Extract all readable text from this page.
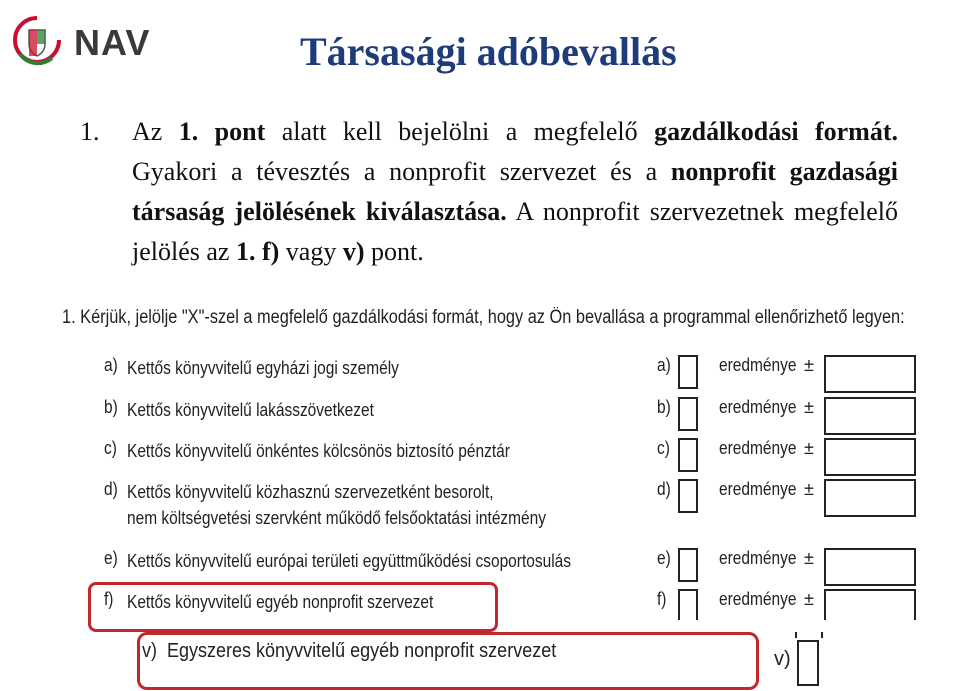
NAV	Társasági adóbevallás
1. Az 1. pont alatt kell bejelölni a megfelelő gazdálkodási formát. Gyakori a tévesztés a nonprofit szervezet és a nonprofit gazdasági társaság jelölésének kiválasztása. A nonprofit szervezetnek megfelelő jelölés az 1. f) vagy v) pont.
1. Kérjük, jelölje "X"-szel a megfelelő gazdálkodási formát, hogy az Ön bevallása a programmal ellenőrizhető legyen:
a) Kettős könyvvitelű egyházi jogi személy	a)	eredménye ±
b) Kettős könyvvitelű lakásszövetkezet	b)	eredménye ±
c) Kettős könyvvitelű önkéntes kölcsönös biztosító pénztár	c)	eredménye ±
d) Kettős könyvvitelű közhasznú szervezetként besorolt,
nem költségvetési szervként működő felsőoktatási intézmény
d)	eredménye ±
e) Kettős könyvvitelű európai területi együttműködési csoportosulás	e)	eredménye ±
f) Kettős könyvvitelű egyéb nonprofit szervezet	f)	eredménye ±
v) Egyszeres könyvvitelű egyéb nonprofit szervezet	v)
